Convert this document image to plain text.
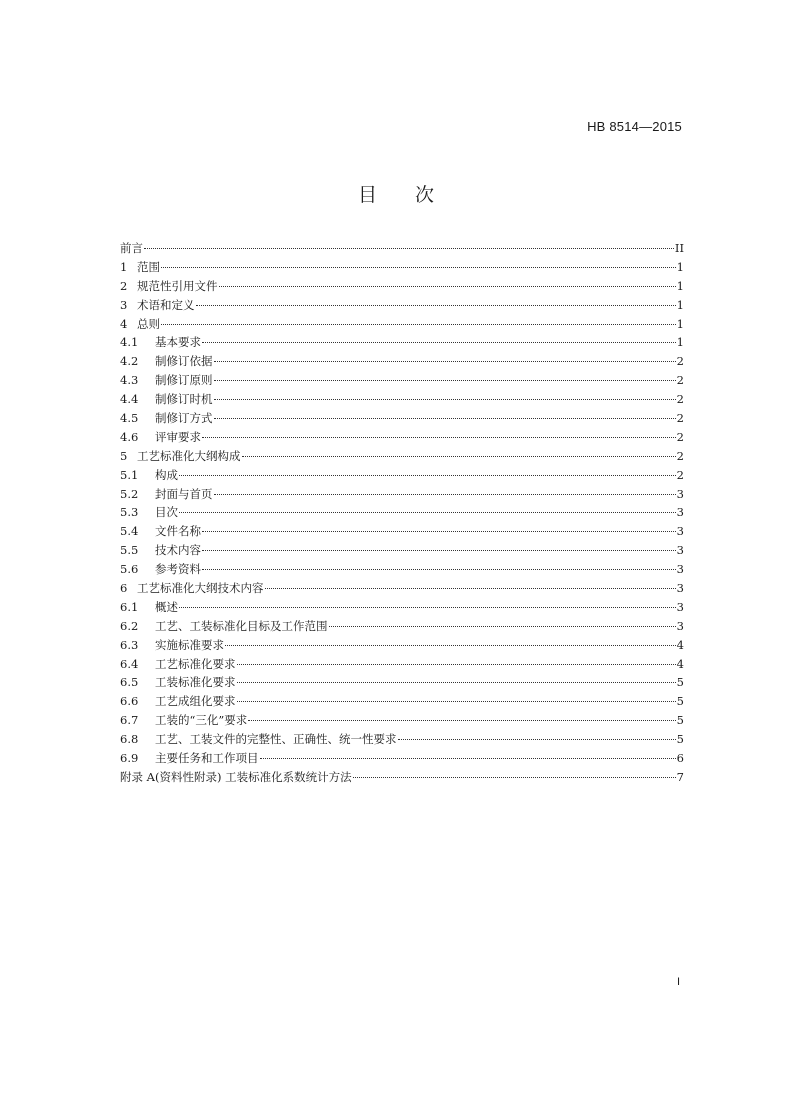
HB 8514—2015
目次
前言	II
1 范围	1
2 规范性引用文件	1
3 术语和定义	1
4 总则	1
4.1	基本要求	1
4.2	制修订依据	2
4.3	制修订原则	2
4.4	制修订时机	2
4.5	制修订方式	2
4.6	评审要求	2
5 工艺标准化大纲构成	2
5.1	构成	2
5.2	封面与首页	3
5.3	目次	3
5.4	文件名称	3
5.5	技术内容	3
5.6	参考资料	3
6 工艺标准化大纲技术内容	3
6.1	概述	3
6.2	工艺、工装标准化目标及工作范围	3
6.3	实施标准要求	4
6.4	工艺标准化要求	4
6.5	工装标准化要求	5
6.6	工艺成组化要求	5
6.7	工装的“三化”要求	5
6.8	工艺、工装文件的完整性、正确性、统一性要求	5
6.9	主要任务和工作项目	6
附录 A(资料性附录) 工装标准化系数统计方法	7
I
